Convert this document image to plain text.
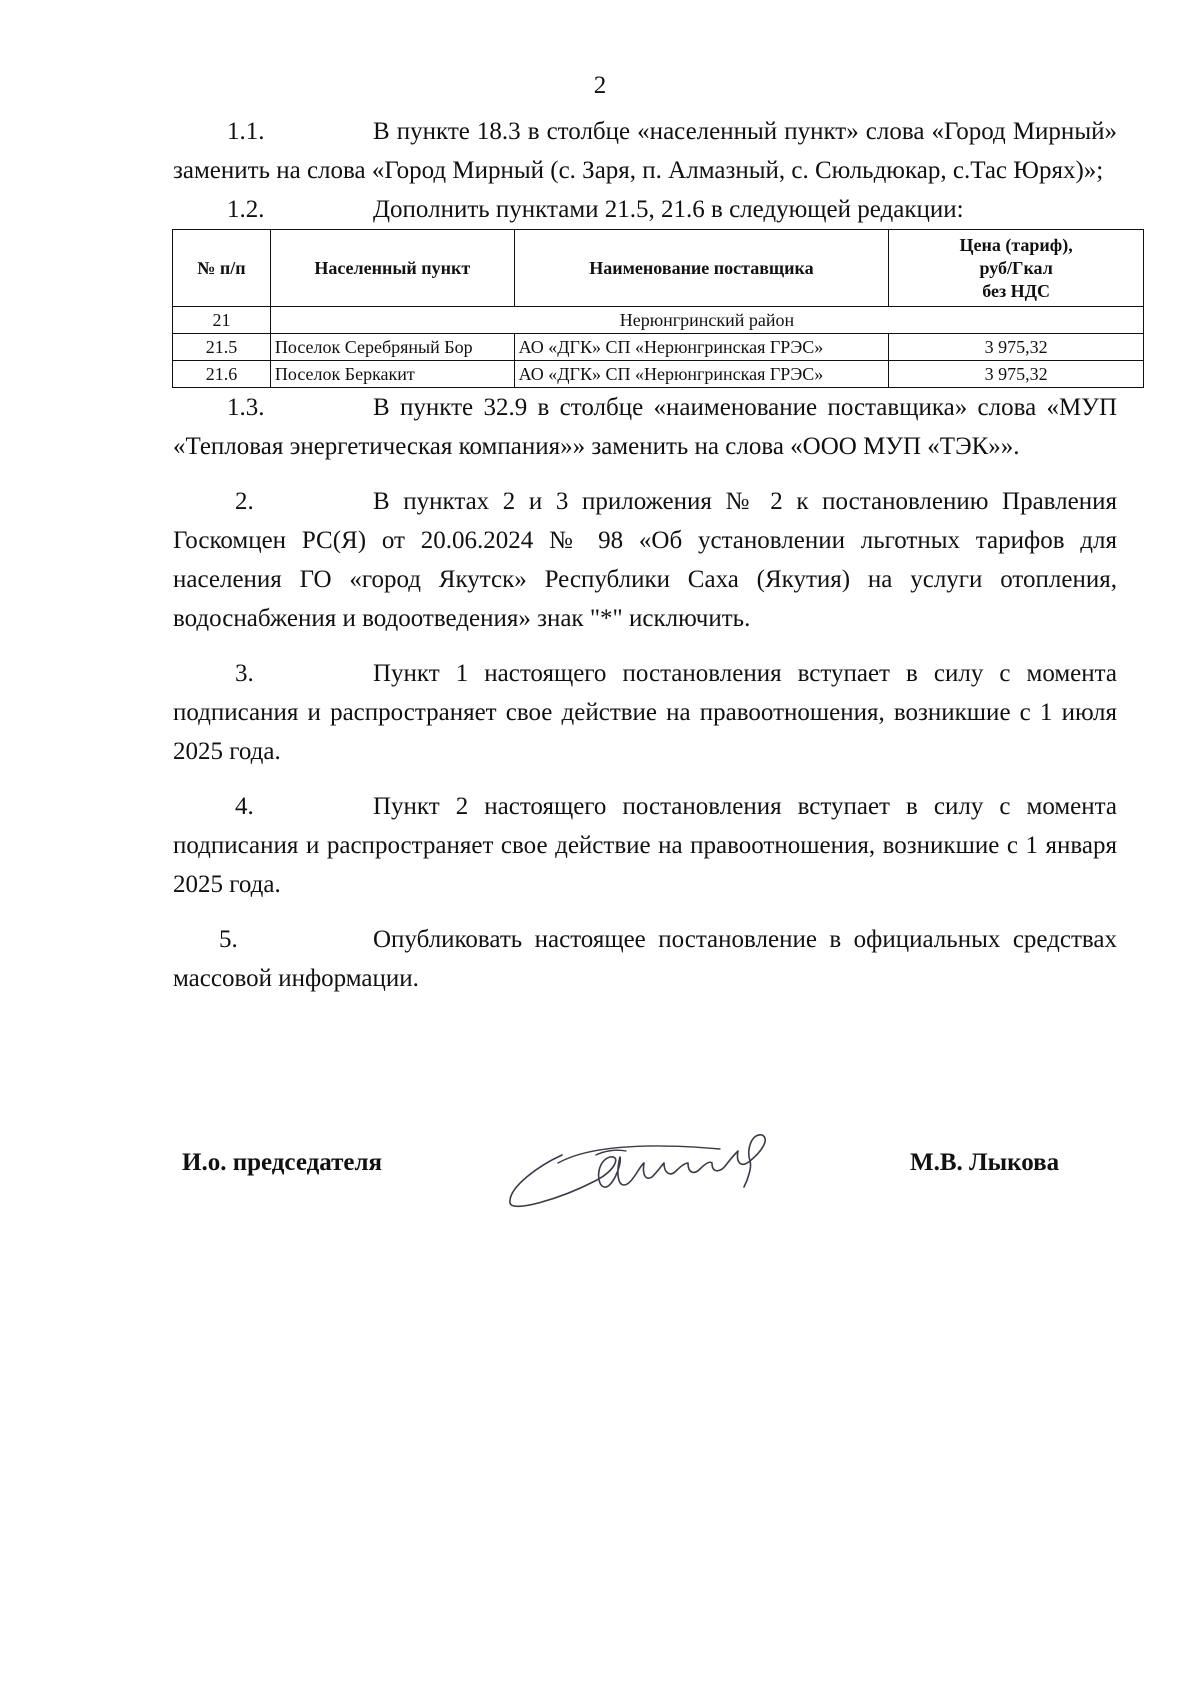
2

1.1.	В пункте 18.3 в столбце «населенный пункт» слова «Город Мирный» заменить на слова «Город Мирный (с. Заря, п. Алмазный, с. Сюльдюкар, с.Тас Юрях)»;

1.2.	Дополнить пунктами 21.5, 21.6 в следующей редакции:

№ п/п	Населенный пункт	Наименование поставщика	Цена (тариф),
руб/Гкал
без НДС

21	Нерюнгринский район		
21.5	Поселок Серебряный Бор	АО «ДГК» СП «Нерюнгринская ГРЭС»	3 975,32
21.6	Поселок Беркакит	АО «ДГК» СП «Нерюнгринская ГРЭС»	3 975,32

1.3.	В пункте 32.9 в столбце «наименование поставщика» слова «МУП «Тепловая энергетическая компания»» заменить на слова «ООО МУП «ТЭК»».

2.	В пунктах 2 и 3 приложения № 2 к постановлению Правления Госкомцен РС(Я) от 20.06.2024 № 98 «Об установлении льготных тарифов для населения ГО «город Якутск» Республики Саха (Якутия) на услуги отопления, водоснабжения и водоотведения» знак "*" исключить.

3.	Пункт 1 настоящего постановления вступает в силу с момента подписания и распространяет свое действие на правоотношения, возникшие с 1 июля 2025 года.

4.	Пункт 2 настоящего постановления вступает в силу с момента подписания и распространяет свое действие на правоотношения, возникшие с 1 января 2025 года.

5.	Опубликовать настоящее постановление в официальных средствах массовой информации.

И.о. председателя	М.В. Лыкова
